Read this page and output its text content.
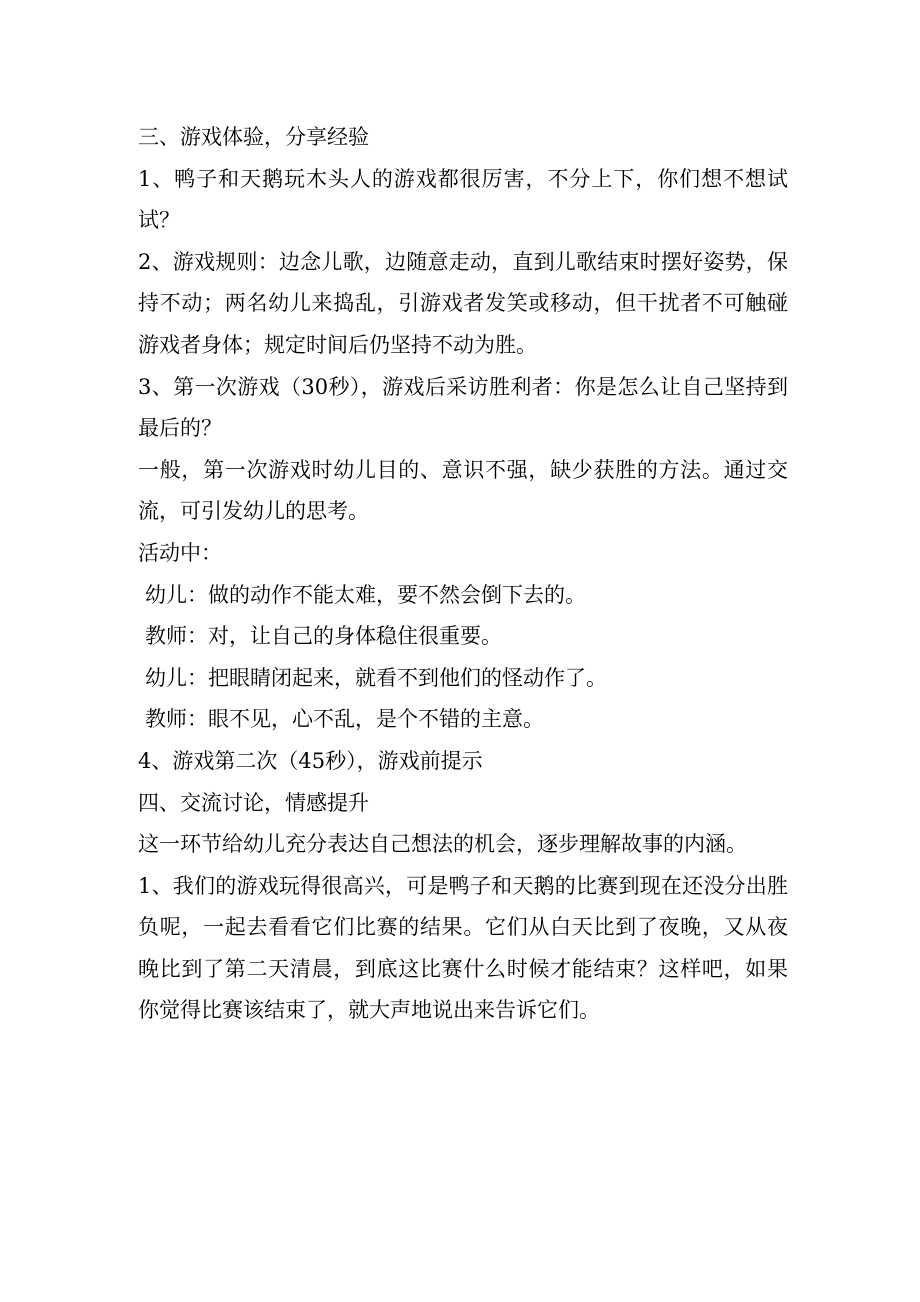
三、游戏体验，分享经验

1、鸭子和天鹅玩木头人的游戏都很厉害，不分上下，你们想不想试试？

2、游戏规则：边念儿歌，边随意走动，直到儿歌结束时摆好姿势，保持不动；两名幼儿来捣乱，引游戏者发笑或移动，但干扰者不可触碰游戏者身体；规定时间后仍坚持不动为胜。

3、第一次游戏（30秒），游戏后采访胜利者：你是怎么让自己坚持到最后的？

一般，第一次游戏时幼儿目的、意识不强，缺少获胜的方法。通过交流，可引发幼儿的思考。

活动中：

幼儿：做的动作不能太难，要不然会倒下去的。

教师：对，让自己的身体稳住很重要。

幼儿：把眼睛闭起来，就看不到他们的怪动作了。

教师：眼不见，心不乱，是个不错的主意。

4、游戏第二次（45秒），游戏前提示

四、交流讨论，情感提升

这一环节给幼儿充分表达自己想法的机会，逐步理解故事的内涵。

1、我们的游戏玩得很高兴，可是鸭子和天鹅的比赛到现在还没分出胜负呢，一起去看看它们比赛的结果。它们从白天比到了夜晚，又从夜晚比到了第二天清晨，到底这比赛什么时候才能结束？这样吧，如果你觉得比赛该结束了，就大声地说出来告诉它们。
